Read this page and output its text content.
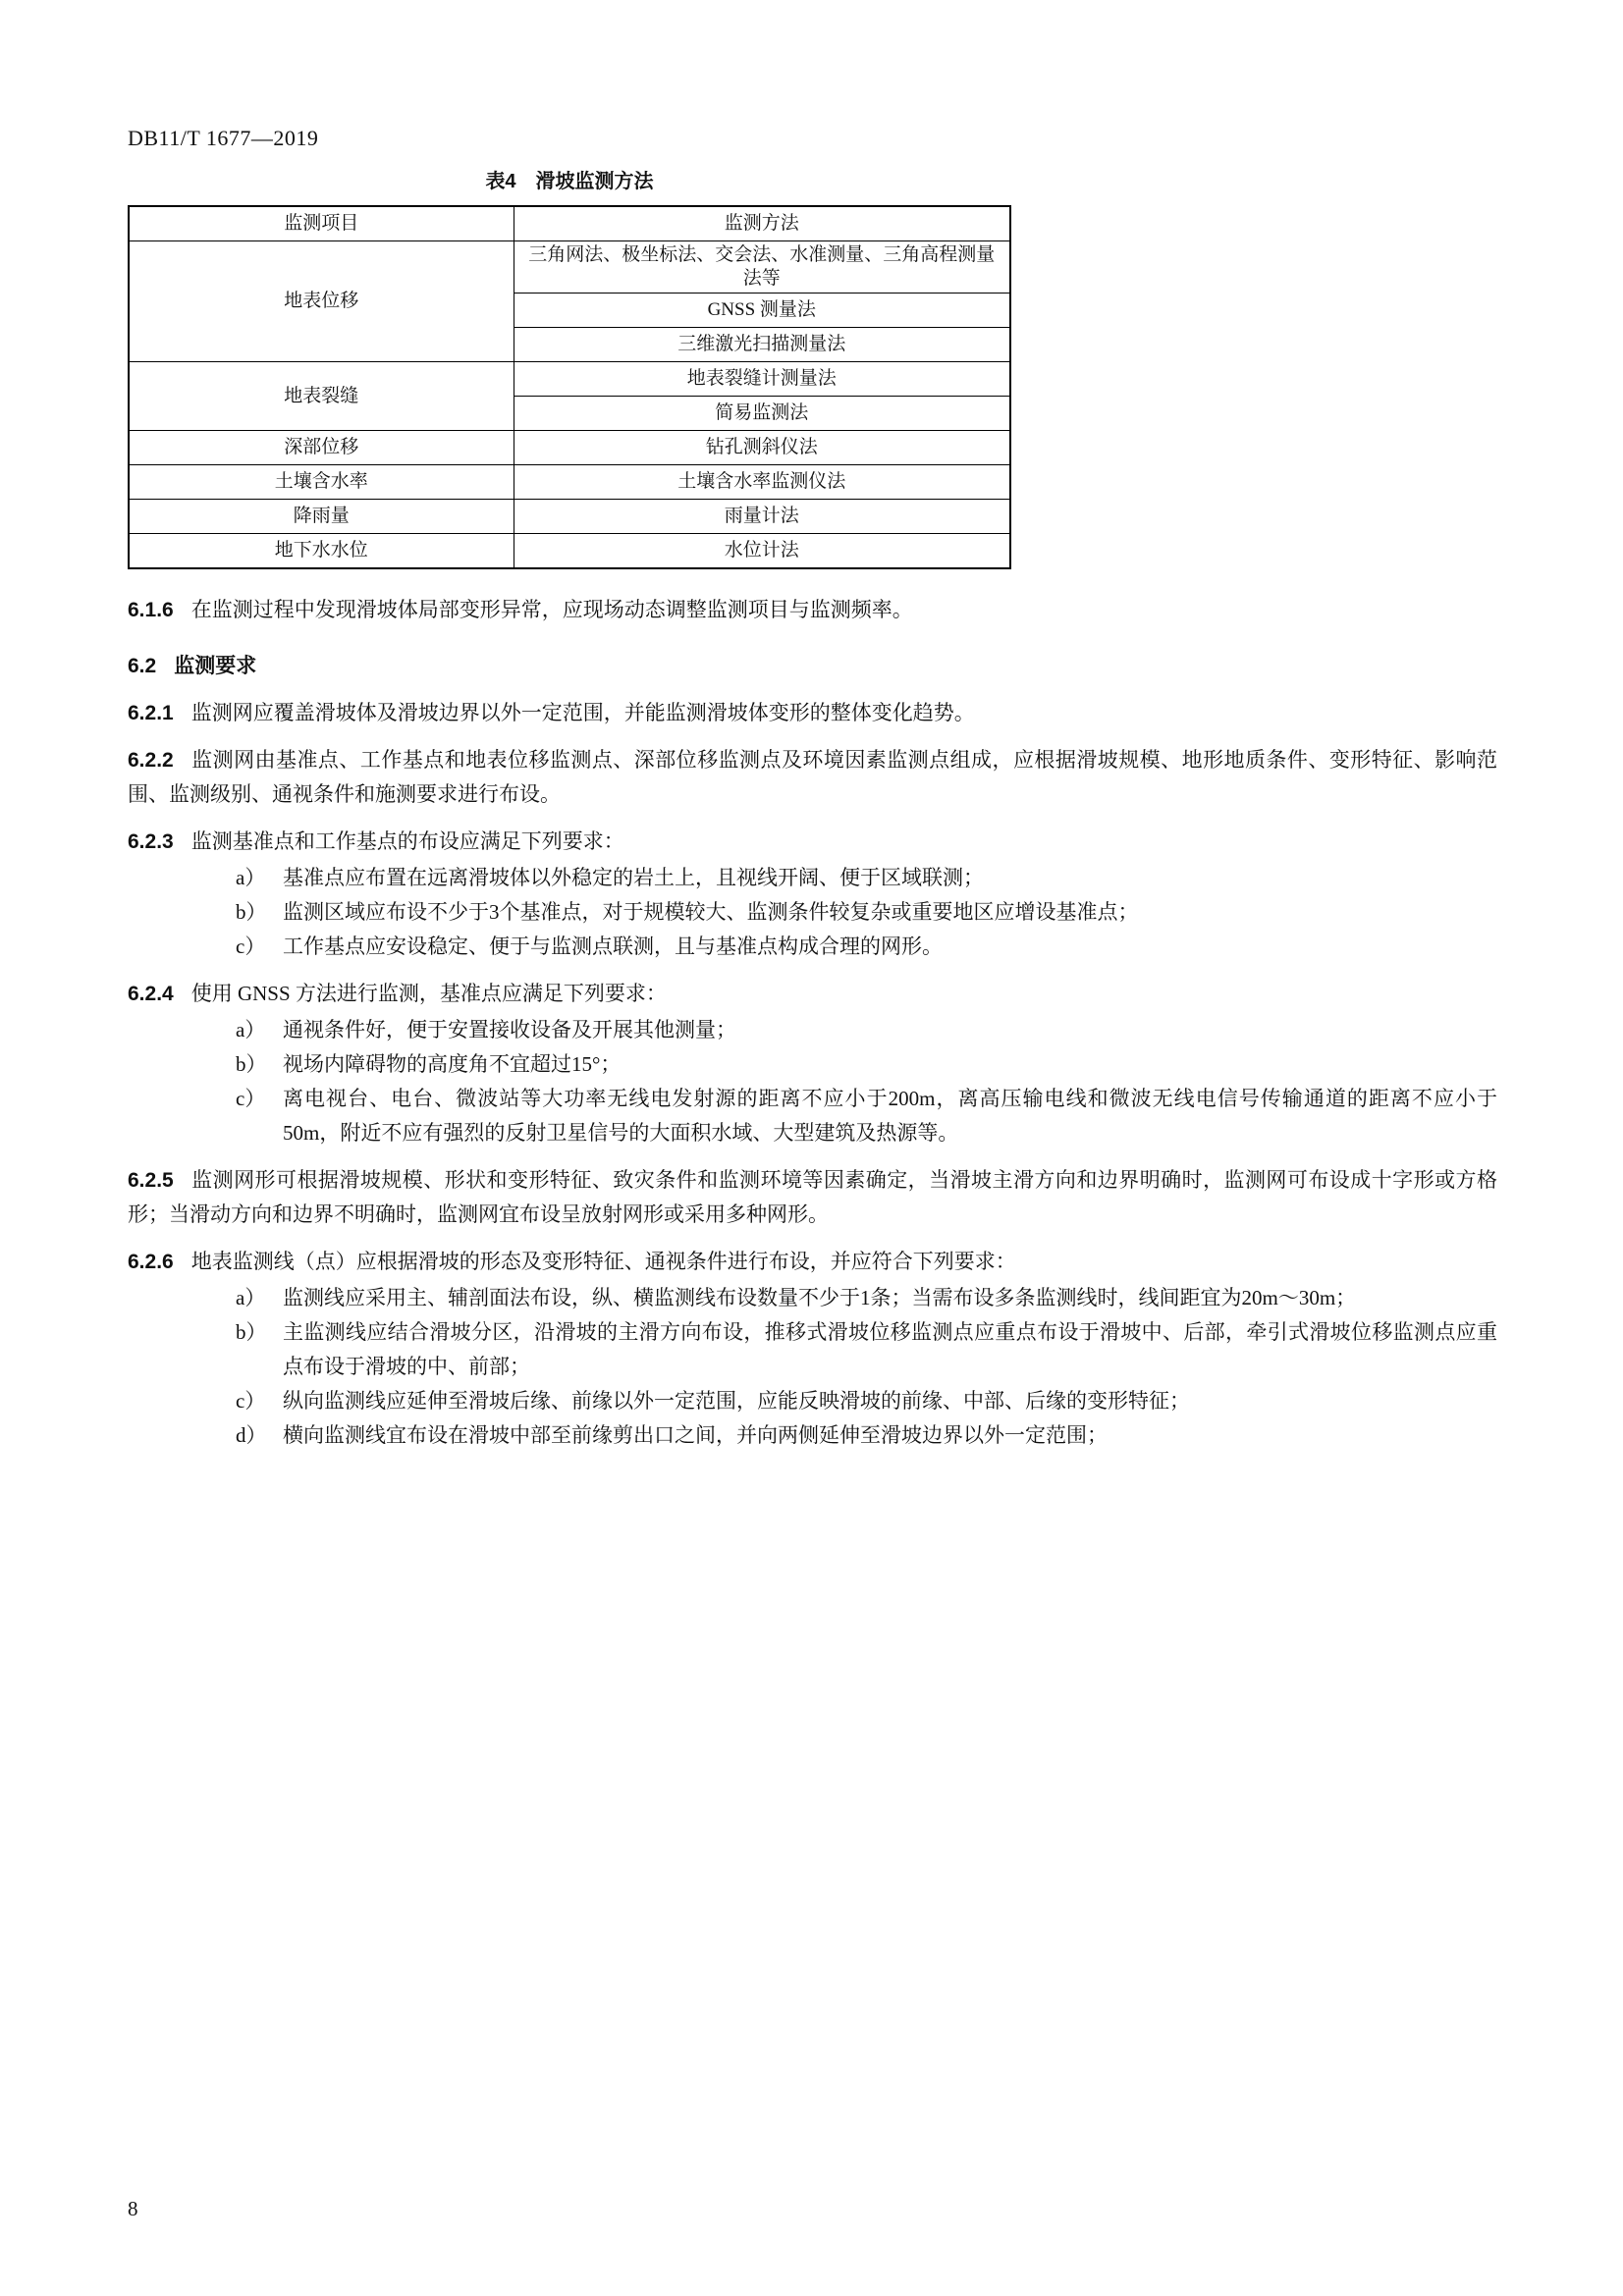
DB11/T 1677—2019
表4　滑坡监测方法
监测项目	监测方法
地表位移	三角网法、极坐标法、交会法、水准测量、三角高程测量法等
	GNSS 测量法
	三维激光扫描测量法
地表裂缝	地表裂缝计测量法
	简易监测法
深部位移	钻孔测斜仪法
土壤含水率	土壤含水率监测仪法
降雨量	雨量计法
地下水水位	水位计法
6.1.6 在监测过程中发现滑坡体局部变形异常，应现场动态调整监测项目与监测频率。
6.2 监测要求
6.2.1 监测网应覆盖滑坡体及滑坡边界以外一定范围，并能监测滑坡体变形的整体变化趋势。
6.2.2 监测网由基准点、工作基点和地表位移监测点、深部位移监测点及环境因素监测点组成，应根据滑坡规模、地形地质条件、变形特征、影响范围、监测级别、通视条件和施测要求进行布设。
6.2.3 监测基准点和工作基点的布设应满足下列要求：
a） 基准点应布置在远离滑坡体以外稳定的岩土上，且视线开阔、便于区域联测；
b） 监测区域应布设不少于3个基准点，对于规模较大、监测条件较复杂或重要地区应增设基准点；
c） 工作基点应安设稳定、便于与监测点联测，且与基准点构成合理的网形。
6.2.4 使用 GNSS 方法进行监测，基准点应满足下列要求：
a） 通视条件好，便于安置接收设备及开展其他测量；
b） 视场内障碍物的高度角不宜超过15°；
c） 离电视台、电台、微波站等大功率无线电发射源的距离不应小于200m，离高压输电线和微波无线电信号传输通道的距离不应小于50m，附近不应有强烈的反射卫星信号的大面积水域、大型建筑及热源等。
6.2.5 监测网形可根据滑坡规模、形状和变形特征、致灾条件和监测环境等因素确定，当滑坡主滑方向和边界明确时，监测网可布设成十字形或方格形；当滑动方向和边界不明确时，监测网宜布设呈放射网形或采用多种网形。
6.2.6 地表监测线（点）应根据滑坡的形态及变形特征、通视条件进行布设，并应符合下列要求：
a） 监测线应采用主、辅剖面法布设，纵、横监测线布设数量不少于1条；当需布设多条监测线时，线间距宜为20m～30m；
b） 主监测线应结合滑坡分区，沿滑坡的主滑方向布设，推移式滑坡位移监测点应重点布设于滑坡中、后部，牵引式滑坡位移监测点应重点布设于滑坡的中、前部；
c） 纵向监测线应延伸至滑坡后缘、前缘以外一定范围，应能反映滑坡的前缘、中部、后缘的变形特征；
d） 横向监测线宜布设在滑坡中部至前缘剪出口之间，并向两侧延伸至滑坡边界以外一定范围；
8
